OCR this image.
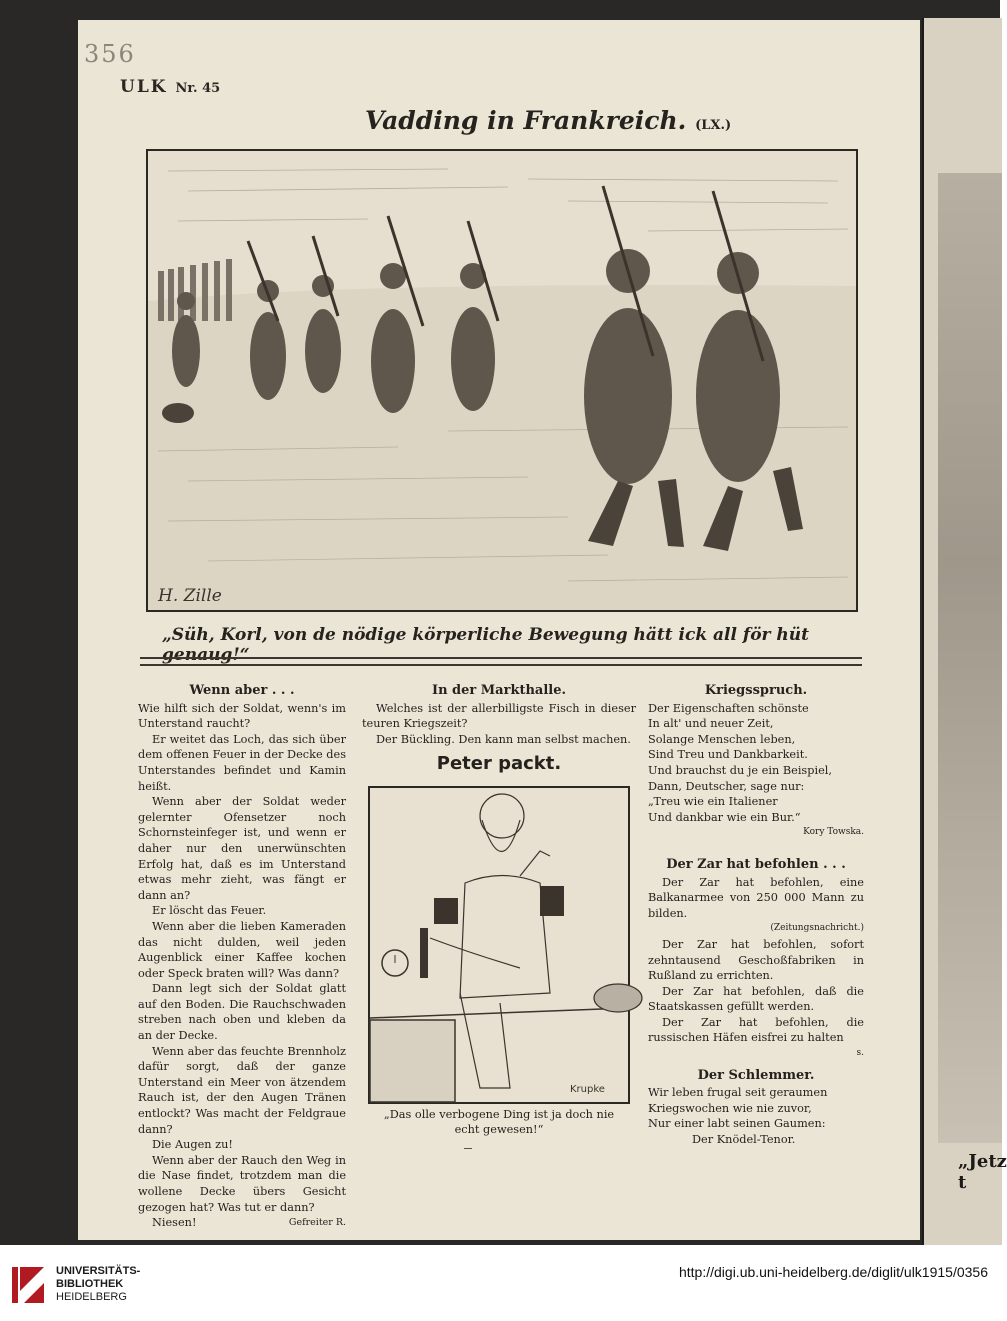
„Jetz t
356
ULK Nr. 45
Vadding in Frankreich. (LX.)
H. Zille
„Süh, Korl, von de nödige körperliche Bewegung hätt ick all för hüt genaug!“
Wenn aber . . .

Wie hilft sich der Soldat, wenn's im Unterstand raucht?

Er weitet das Loch, das sich über dem offenen Feuer in der Decke des Unterstandes befindet und Kamin heißt.

Wenn aber der Soldat weder gelernter Ofensetzer noch Schornsteinfeger ist, und wenn er daher nur den unerwünschten Erfolg hat, daß es im Unterstand etwas mehr zieht, was fängt er dann an?

Er löscht das Feuer.

Wenn aber die lieben Kameraden das nicht dulden, weil jeden Augenblick einer Kaffee kochen oder Speck braten will? Was dann?

Dann legt sich der Soldat glatt auf den Boden. Die Rauchschwaden streben nach oben und kleben da an der Decke.

Wenn aber das feuchte Brennholz dafür sorgt, daß der ganze Unterstand ein Meer von ätzendem Rauch ist, der den Augen Tränen entlockt? Was macht der Feldgraue dann?

Die Augen zu!

Wenn aber der Rauch den Weg in die Nase findet, trotzdem man die wollene Decke übers Gesicht gezogen hat? Was tut er dann?

Niesen!	Gefreiter R.
In der Markthalle.

Welches ist der allerbilligste Fisch in dieser teuren Kriegszeit?

Der Bückling. Den kann man selbst machen.

Peter packt.
Krupke
„Das olle verbogene Ding ist ja doch nie
echt gewesen!“
Kriegsspruch.
Der Eigenschaften schönste
In alt' und neuer Zeit,
Solange Menschen leben,
Sind Treu und Dankbarkeit.
Und brauchst du je ein Beispiel,
Dann, Deutscher, sage nur:
„Treu wie ein Italiener
Und dankbar wie ein Bur.“
Kory Towska.
Der Zar hat befohlen . . .

Der Zar hat befohlen, eine Balkanarmee von 250 000 Mann zu bilden.

(Zeitungsnachricht.)

Der Zar hat befohlen, sofort zehntausend Geschoßfabriken in Rußland zu errichten.

Der Zar hat befohlen, daß die Staatskassen gefüllt werden.

Der Zar hat befohlen, die russischen Häfen eisfrei zu halten

s.
Der Schlemmer.
Wir leben frugal seit geraumen
Kriegswochen wie nie zuvor,
Nur einer labt seinen Gaumen:
Der Knödel-Tenor.
UNIVERSITÄTS-
BIBLIOTHEK
HEIDELBERG
http://digi.ub.uni-heidelberg.de/diglit/ulk1915/0356
